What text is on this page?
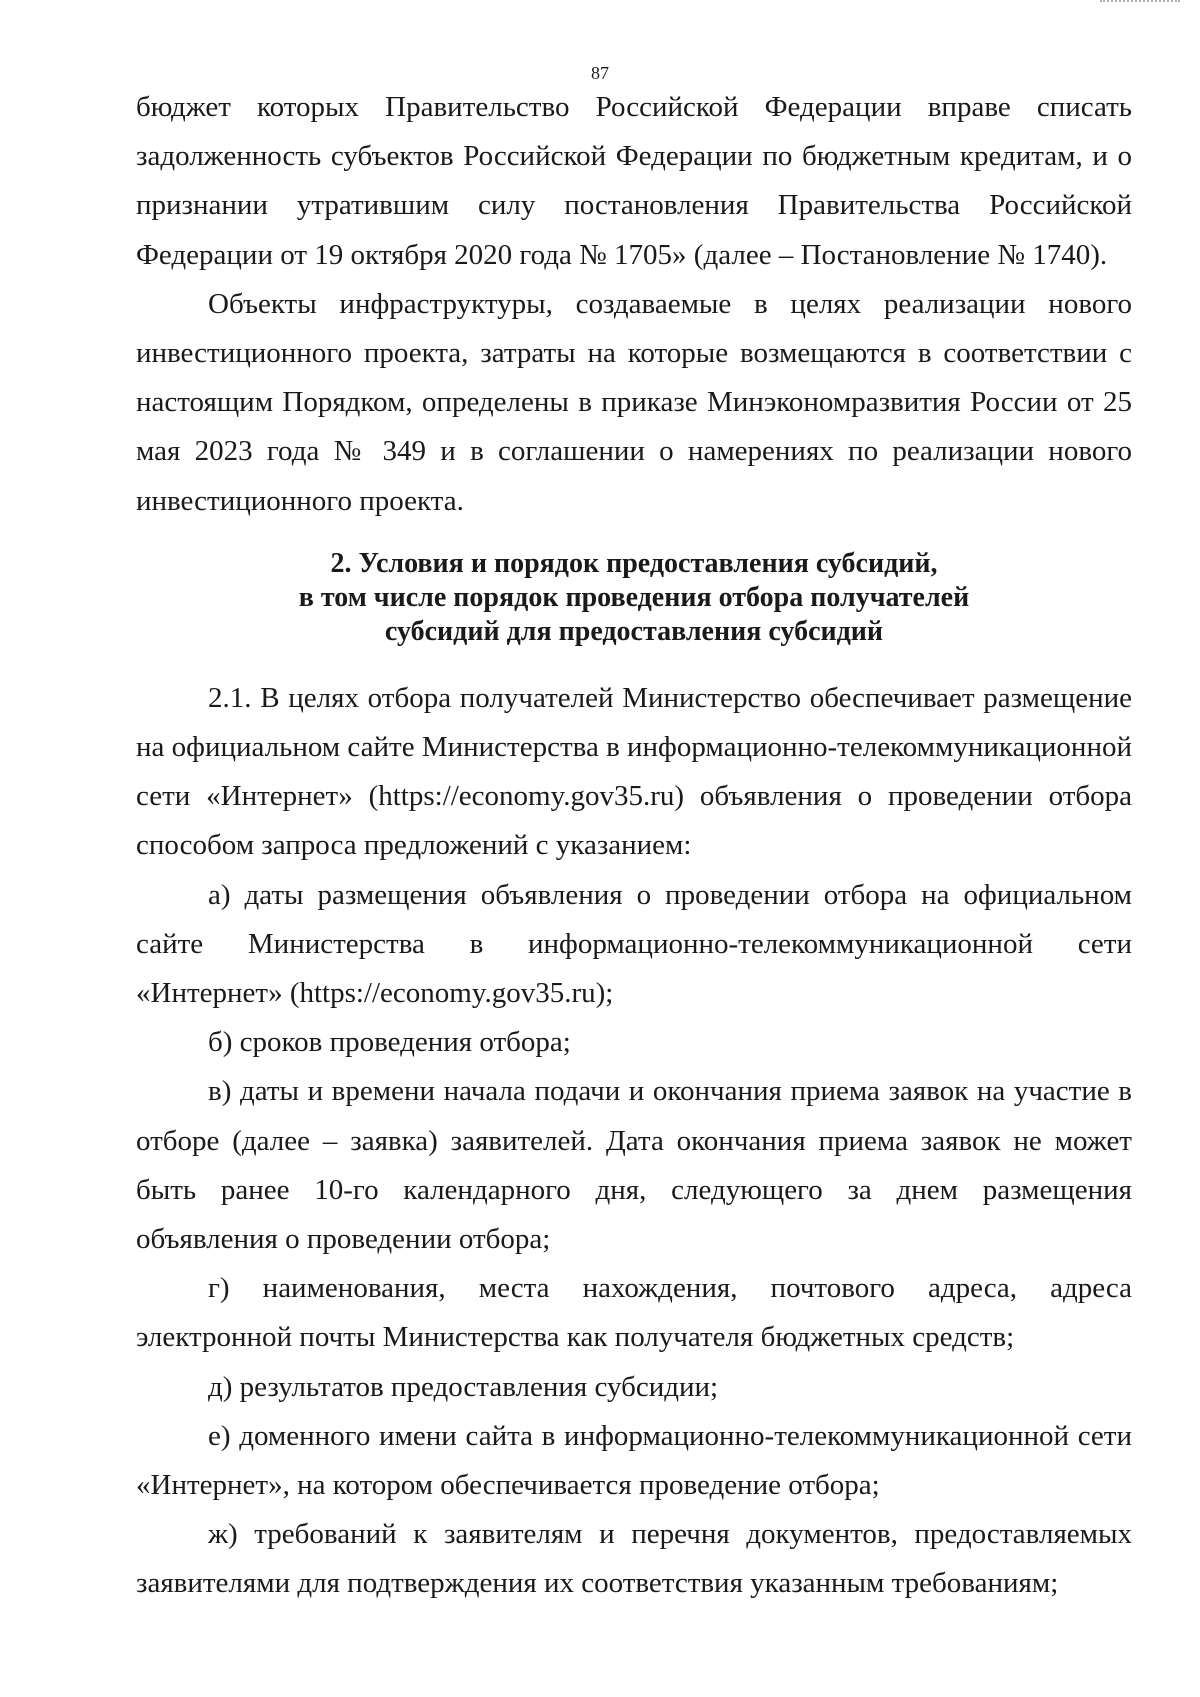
87

бюджет которых Правительство Российской Федерации вправе списать задолженность субъектов Российской Федерации по бюджетным кредитам, и о признании утратившим силу постановления Правительства Российской Федерации от 19 октября 2020 года № 1705» (далее – Постановление № 1740).

Объекты инфраструктуры, создаваемые в целях реализации нового инвестиционного проекта, затраты на которые возмещаются в соответствии с настоящим Порядком, определены в приказе Минэкономразвития России от 25 мая 2023 года № 349 и в соглашении о намерениях по реализации нового инвестиционного проекта.

2. Условия и порядок предоставления субсидий,
в том числе порядок проведения отбора получателей
субсидий для предоставления субсидий

2.1. В целях отбора получателей Министерство обеспечивает размещение на официальном сайте Министерства в информационно-телекоммуникационной сети «Интернет» (https://economy.gov35.ru) объявления о проведении отбора способом запроса предложений с указанием:

а) даты размещения объявления о проведении отбора на официальном сайте Министерства в информационно-телекоммуникационной сети «Интернет» (https://economy.gov35.ru);

б) сроков проведения отбора;

в) даты и времени начала подачи и окончания приема заявок на участие в отборе (далее – заявка) заявителей. Дата окончания приема заявок не может быть ранее 10-го календарного дня, следующего за днем размещения объявления о проведении отбора;

г) наименования, места нахождения, почтового адреса, адреса электронной почты Министерства как получателя бюджетных средств;

д) результатов предоставления субсидии;

е) доменного имени сайта в информационно-телекоммуникационной сети «Интернет», на котором обеспечивается проведение отбора;

ж) требований к заявителям и перечня документов, предоставляемых заявителями для подтверждения их соответствия указанным требованиям;
